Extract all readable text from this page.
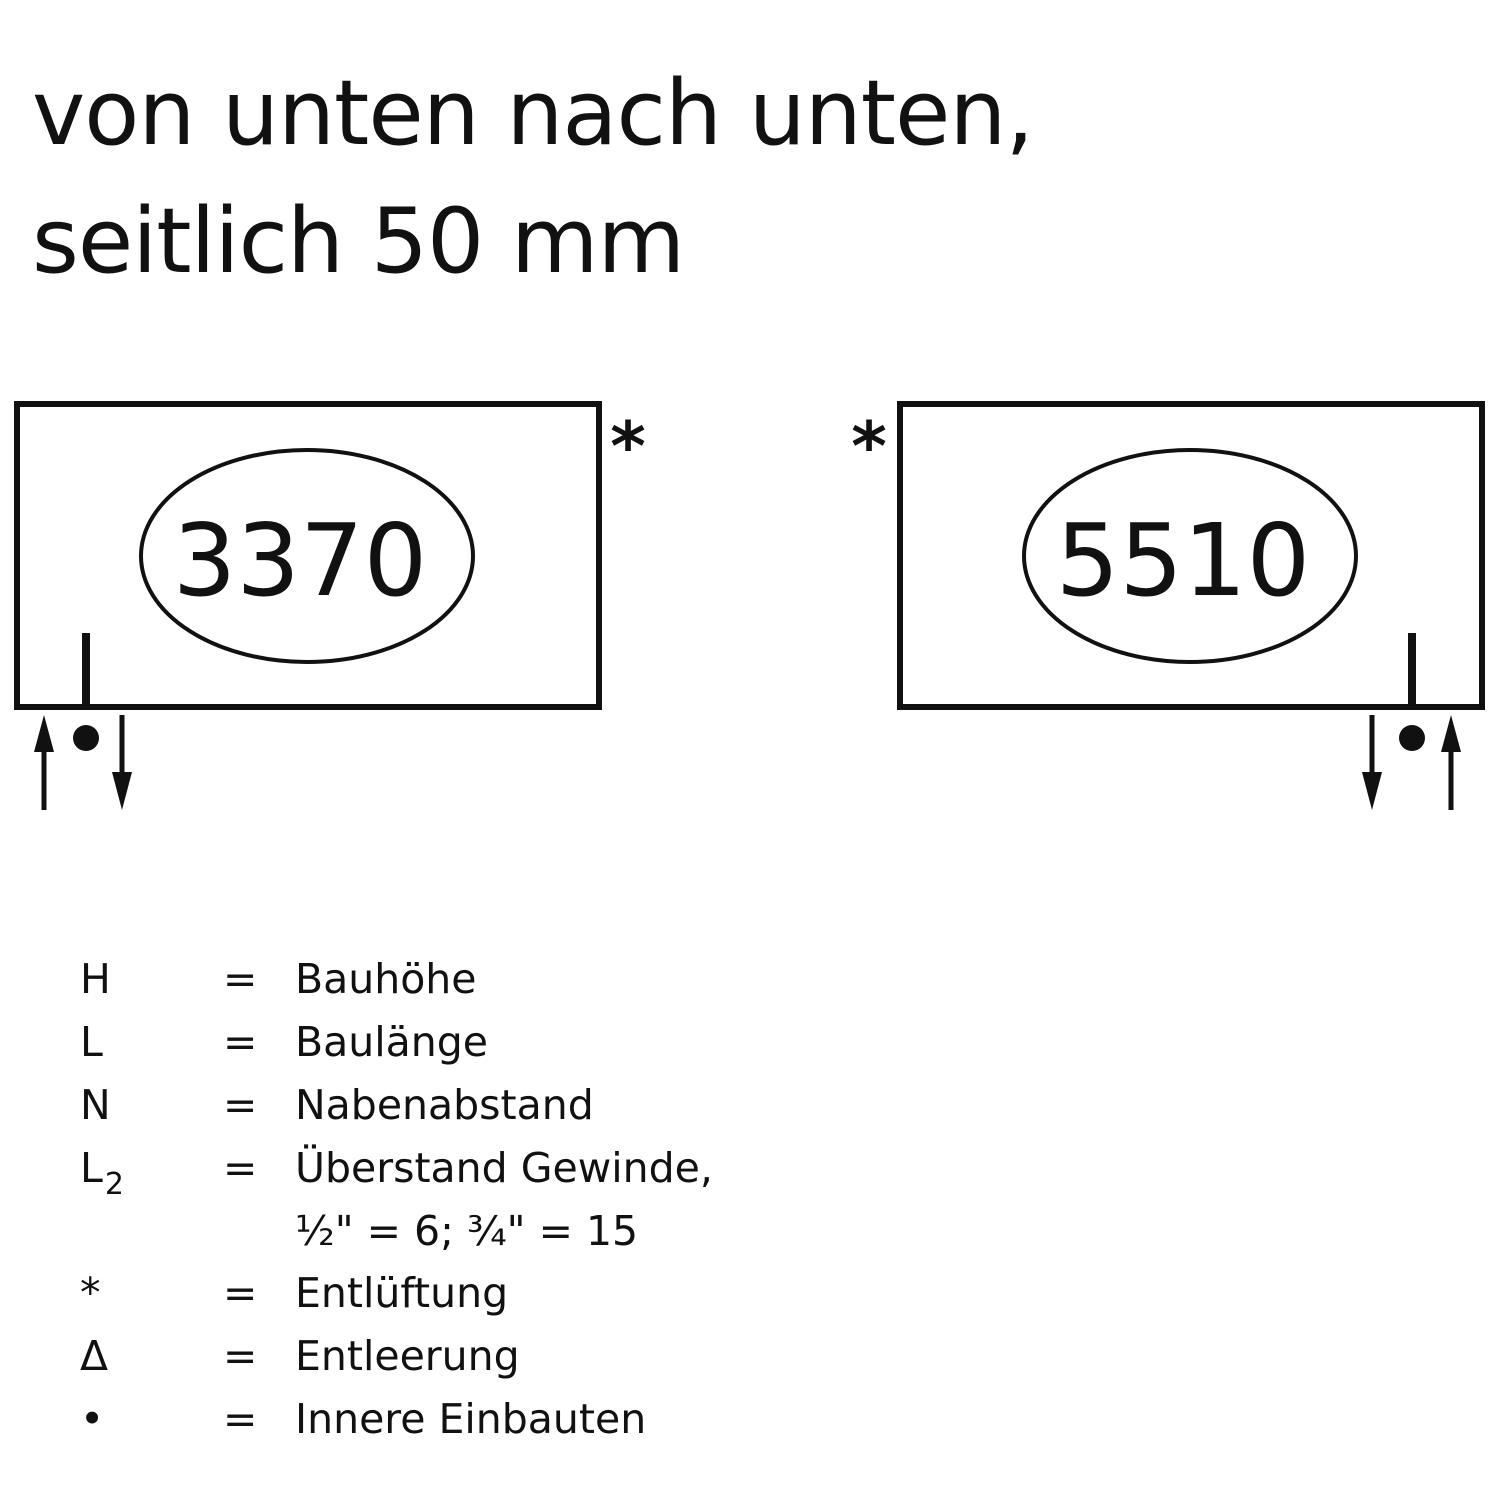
von unten nach unten,
seitlich 50 mm
3370
*
5510
*
H	= Bauhöhe
L	= Baulänge
N	= Nabenabstand
$L_2$ = Überstand Gewinde,
½" = 6; ¾" = 15
*	= Entlüftung
Δ	= Entleerung
•	= Innere Einbauten
